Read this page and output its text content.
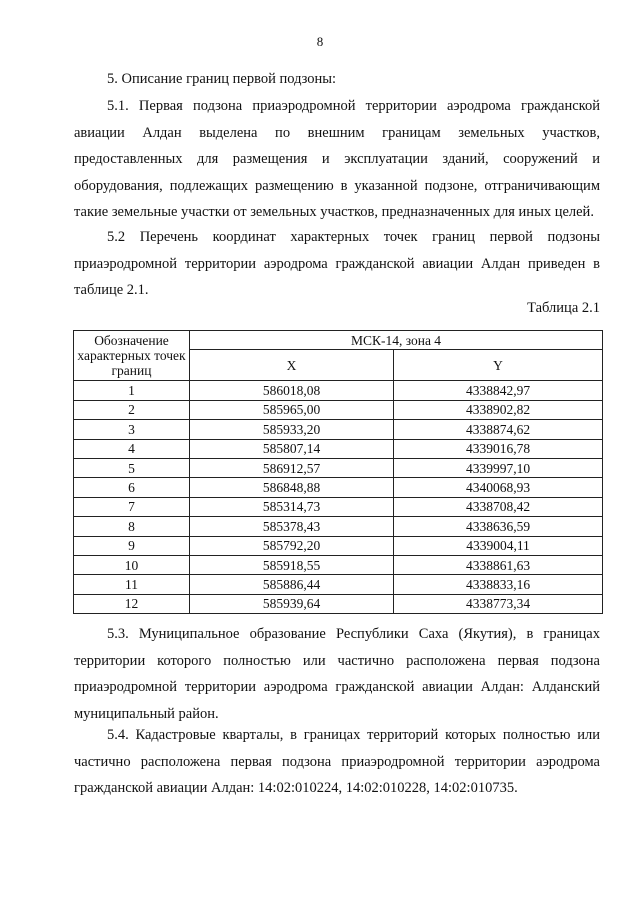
8

5. Описание границ первой подзоны:

5.1. Первая подзона приаэродромной территории аэродрома гражданской авиации Алдан выделена по внешним границам земельных участков, предоставленных для размещения и эксплуатации зданий, сооружений и оборудования, подлежащих размещению в указанной подзоне, отграничивающим такие земельные участки от земельных участков, предназначенных для иных целей.

5.2 Перечень координат характерных точек границ первой подзоны приаэродромной территории аэродрома гражданской авиации Алдан приведен в таблице 2.1.

Таблица 2.1
Обозначение характерных точек границ	МСК-14, зона 4	
	X	Y
1	586018,08	4338842,97
2	585965,00	4338902,82
3	585933,20	4338874,62
4	585807,14	4339016,78
5	586912,57	4339997,10
6	586848,88	4340068,93
7	585314,73	4338708,42
8	585378,43	4338636,59
9	585792,20	4339004,11
10	585918,55	4338861,63
11	585886,44	4338833,16
12	585939,64	4338773,34

5.3. Муниципальное образование Республики Саха (Якутия), в границах территории которого полностью или частично расположена первая подзона приаэродромной территории аэродрома гражданской авиации Алдан: Алданский муниципальный район.

5.4. Кадастровые кварталы, в границах территорий которых полностью или частично расположена первая подзона приаэродромной территории аэродрома гражданской авиации Алдан: 14:02:010224, 14:02:010228, 14:02:010735.
